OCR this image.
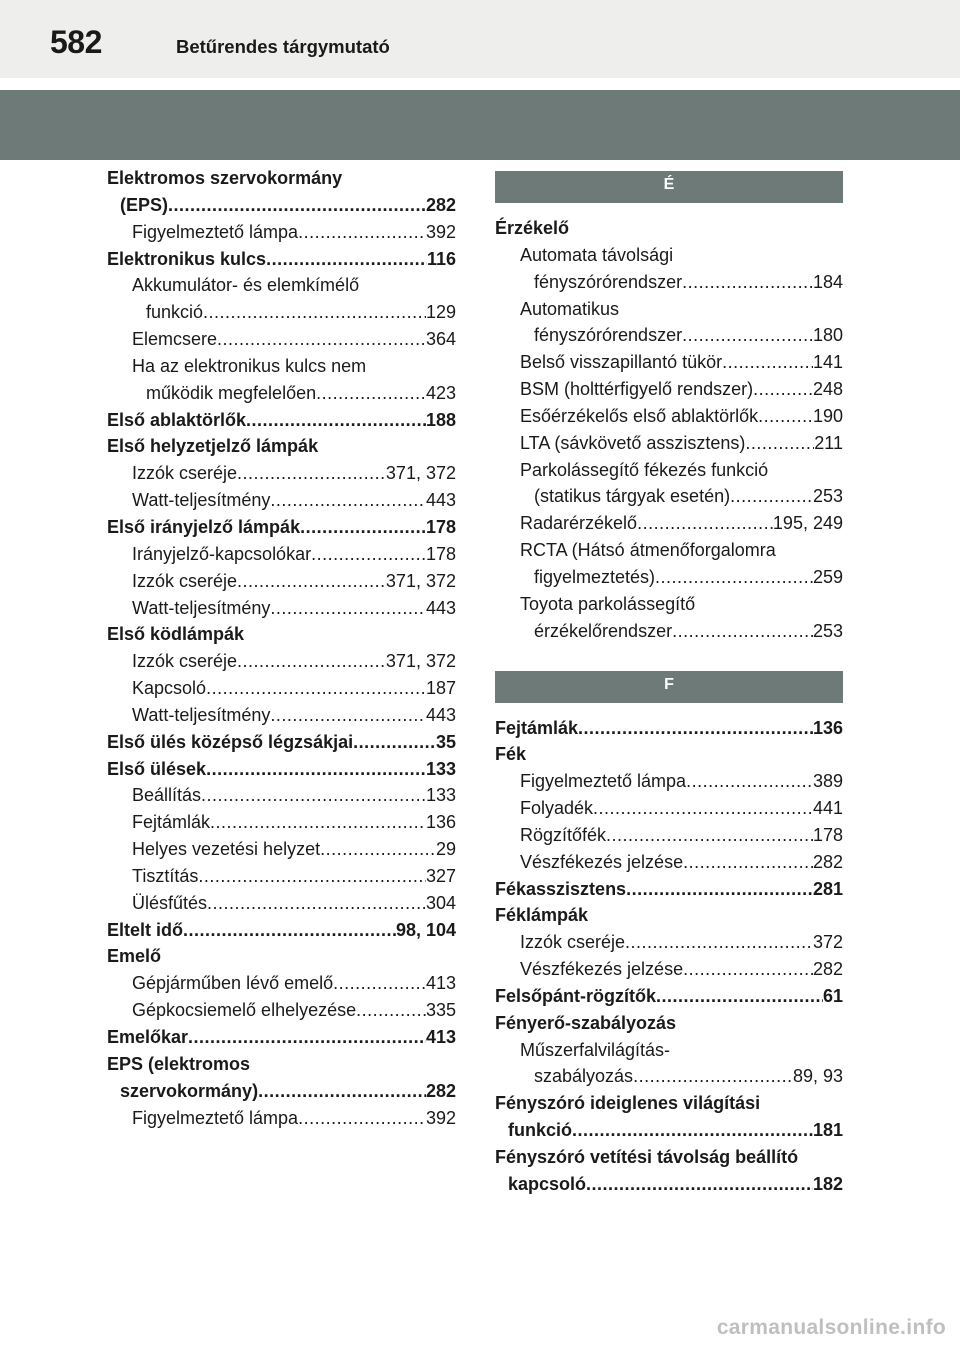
582	Betűrendes tárgymutató
Elektromos szervokormány
(EPS) .....	282
Figyelmeztető lámpa .....	392
Elektronikus kulcs .....	116
Akkumulátor- és elemkímélő
funkció .....	129
Elemcsere .....	364
Ha az elektronikus kulcs nem
működik megfelelően .....	423
Első ablaktörlők .....	188
Első helyzetjelző lámpák
Izzók cseréje .....	371, 372
Watt-teljesítmény .....	443
Első irányjelző lámpák .....	178
Irányjelző-kapcsolókar .....	178
Izzók cseréje .....	371, 372
Watt-teljesítmény .....	443
Első ködlámpák
Izzók cseréje .....	371, 372
Kapcsoló .....	187
Watt-teljesítmény .....	443
Első ülés középső légzsákjai .....	35
Első ülések .....	133
Beállítás .....	133
Fejtámlák .....	136
Helyes vezetési helyzet .....	29
Tisztítás .....	327
Ülésfűtés .....	304
Eltelt idő .....	98, 104
Emelő
Gépjárműben lévő emelő .....	413
Gépkocsiemelő elhelyezése .....	335
Emelőkar .....	413
EPS (elektromos
szervokormány) .....	282
Figyelmeztető lámpa .....	392
É
Érzékelő
Automata távolsági
fényszórórendszer .....	184
Automatikus
fényszórórendszer .....	180
Belső visszapillantó tükör .....	141
BSM (holttérfigyelő rendszer) .....	248
Esőérzékelős első ablaktörlők .....	190
LTA (sávkövető asszisztens) .....	211
Parkolássegítő fékezés funkció
(statikus tárgyak esetén) .....	253
Radarérzékelő .....	195, 249
RCTA (Hátsó átmenőforgalomra
figyelmeztetés) .....	259
Toyota parkolássegítő
érzékelőrendszer .....	253
F
Fejtámlák .....	136
Fék
Figyelmeztető lámpa .....	389
Folyadék .....	441
Rögzítőfék .....	178
Vészfékezés jelzése .....	282
Fékasszisztens .....	281
Féklámpák
Izzók cseréje .....	372
Vészfékezés jelzése .....	282
Felsőpánt-rögzítők .....	61
Fényerő-szabályozás
Műszerfalvilágítás-
szabályozás .....	89, 93
Fényszóró ideiglenes világítási
funkció .....	181
Fényszóró vetítési távolság beállító
kapcsoló .....	182
carmanualsonline.info
